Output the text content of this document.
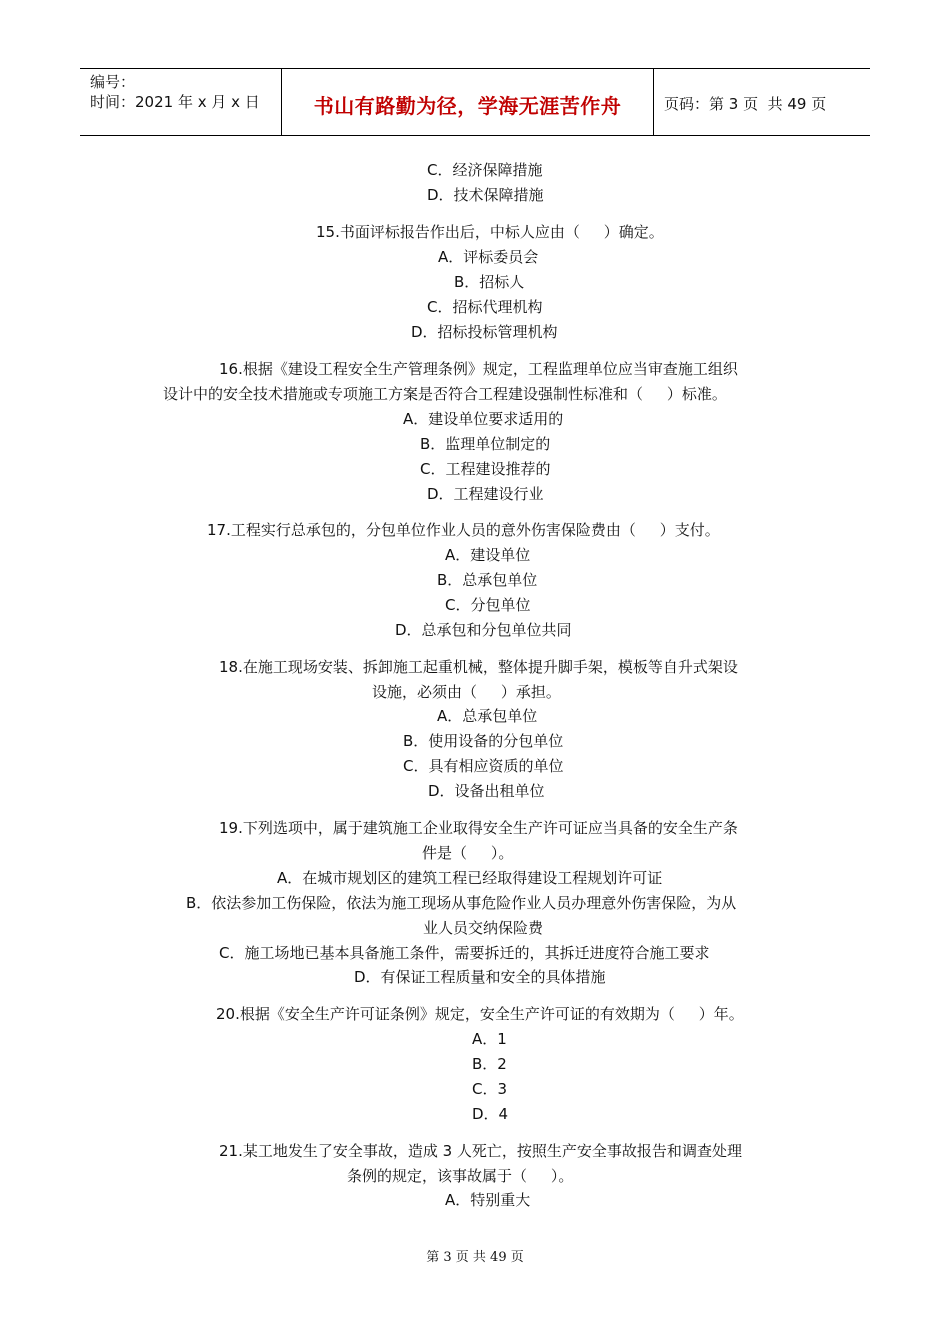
编号：
时间：2021 年 x 月 x 日	书山有路勤为径，学海无涯苦作舟	页码：第 3 页  共 49 页
C．经济保障措施
D．技术保障措施
15.书面评标报告作出后，中标人应由（     ）确定。
A．评标委员会
B．招标人
C．招标代理机构
D．招标投标管理机构
16.根据《建设工程安全生产管理条例》规定，工程监理单位应当审查施工组织
设计中的安全技术措施或专项施工方案是否符合工程建设强制性标准和（     ）标准。
A．建设单位要求适用的
B．监理单位制定的
C．工程建设推荐的
D．工程建设行业
17.工程实行总承包的，分包单位作业人员的意外伤害保险费由（     ）支付。
A．建设单位
B．总承包单位
C．分包单位
D．总承包和分包单位共同
18.在施工现场安装、拆卸施工起重机械，整体提升脚手架，模板等自升式架设
设施，必须由（     ）承担。
A．总承包单位
B．使用设备的分包单位
C．具有相应资质的单位
D．设备出租单位
19.下列选项中，属于建筑施工企业取得安全生产许可证应当具备的安全生产条
件是（     ）。
A．在城市规划区的建筑工程已经取得建设工程规划许可证
B．依法参加工伤保险，依法为施工现场从事危险作业人员办理意外伤害保险，为从
业人员交纳保险费
C．施工场地已基本具备施工条件，需要拆迁的，其拆迁进度符合施工要求
D．有保证工程质量和安全的具体措施
20.根据《安全生产许可证条例》规定，安全生产许可证的有效期为（     ）年。
A．1
B．2
C．3
D．4
21.某工地发生了安全事故，造成 3 人死亡，按照生产安全事故报告和调查处理
条例的规定，该事故属于（     ）。
A．特别重大
第 3 页 共 49 页
